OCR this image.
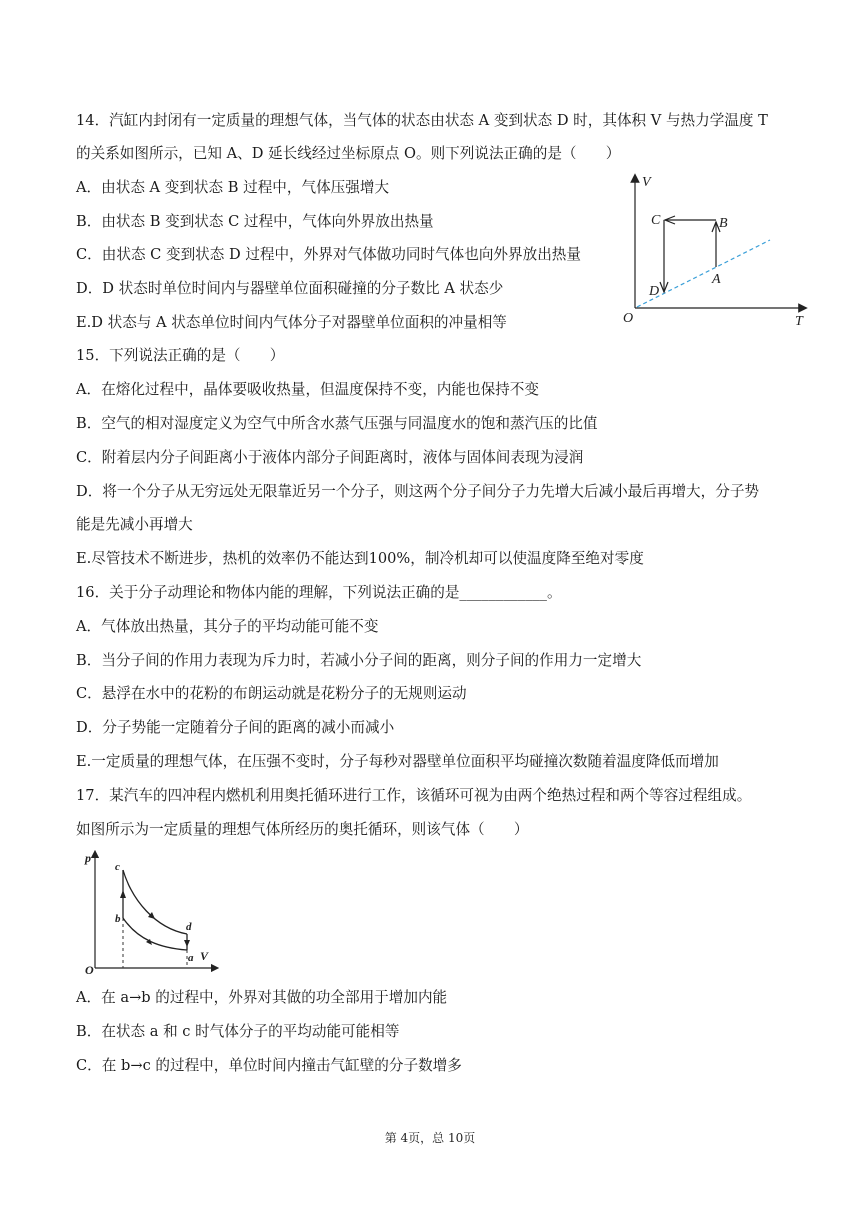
14．汽缸内封闭有一定质量的理想气体，当气体的状态由状态 A 变到状态 D 时，其体积 V 与热力学温度 T
的关系如图所示，已知 A、D 延长线经过坐标原点 O。则下列说法正确的是（　　）
A．由状态 A 变到状态 B 过程中，气体压强增大
B．由状态 B 变到状态 C 过程中，气体向外界放出热量
C．由状态 C 变到状态 D 过程中，外界对气体做功同时气体也向外界放出热量
D．D 状态时单位时间内与器壁单位面积碰撞的分子数比 A 状态少
E.D 状态与 A 状态单位时间内气体分子对器壁单位面积的冲量相等
V
T
O
A
B
C
D
15．下列说法正确的是（　　）
A．在熔化过程中，晶体要吸收热量，但温度保持不变，内能也保持不变
B．空气的相对湿度定义为空气中所含水蒸气压强与同温度水的饱和蒸汽压的比值
C．附着层内分子间距离小于液体内部分子间距离时，液体与固体间表现为浸润
D．将一个分子从无穷远处无限靠近另一个分子，则这两个分子间分子力先增大后减小最后再增大，分子势
能是先减小再增大
E.尽管技术不断进步，热机的效率仍不能达到100%，制冷机却可以使温度降至绝对零度
16．关于分子动理论和物体内能的理解，下列说法正确的是____________。
A．气体放出热量，其分子的平均动能可能不变
B．当分子间的作用力表现为斥力时，若减小分子间的距离，则分子间的作用力一定增大
C．悬浮在水中的花粉的布朗运动就是花粉分子的无规则运动
D．分子势能一定随着分子间的距离的减小而减小
E.一定质量的理想气体，在压强不变时，分子每秒对器壁单位面积平均碰撞次数随着温度降低而增加
17．某汽车的四冲程内燃机利用奥托循环进行工作，该循环可视为由两个绝热过程和两个等容过程组成。
如图所示为一定质量的理想气体所经历的奥托循环，则该气体（　　）
p
V
O
c
b
d
a
A．在 a→b 的过程中，外界对其做的功全部用于增加内能
B．在状态 a 和 c 时气体分子的平均动能可能相等
C．在 b→c 的过程中，单位时间内撞击气缸壁的分子数增多
第 4页，总 10页
